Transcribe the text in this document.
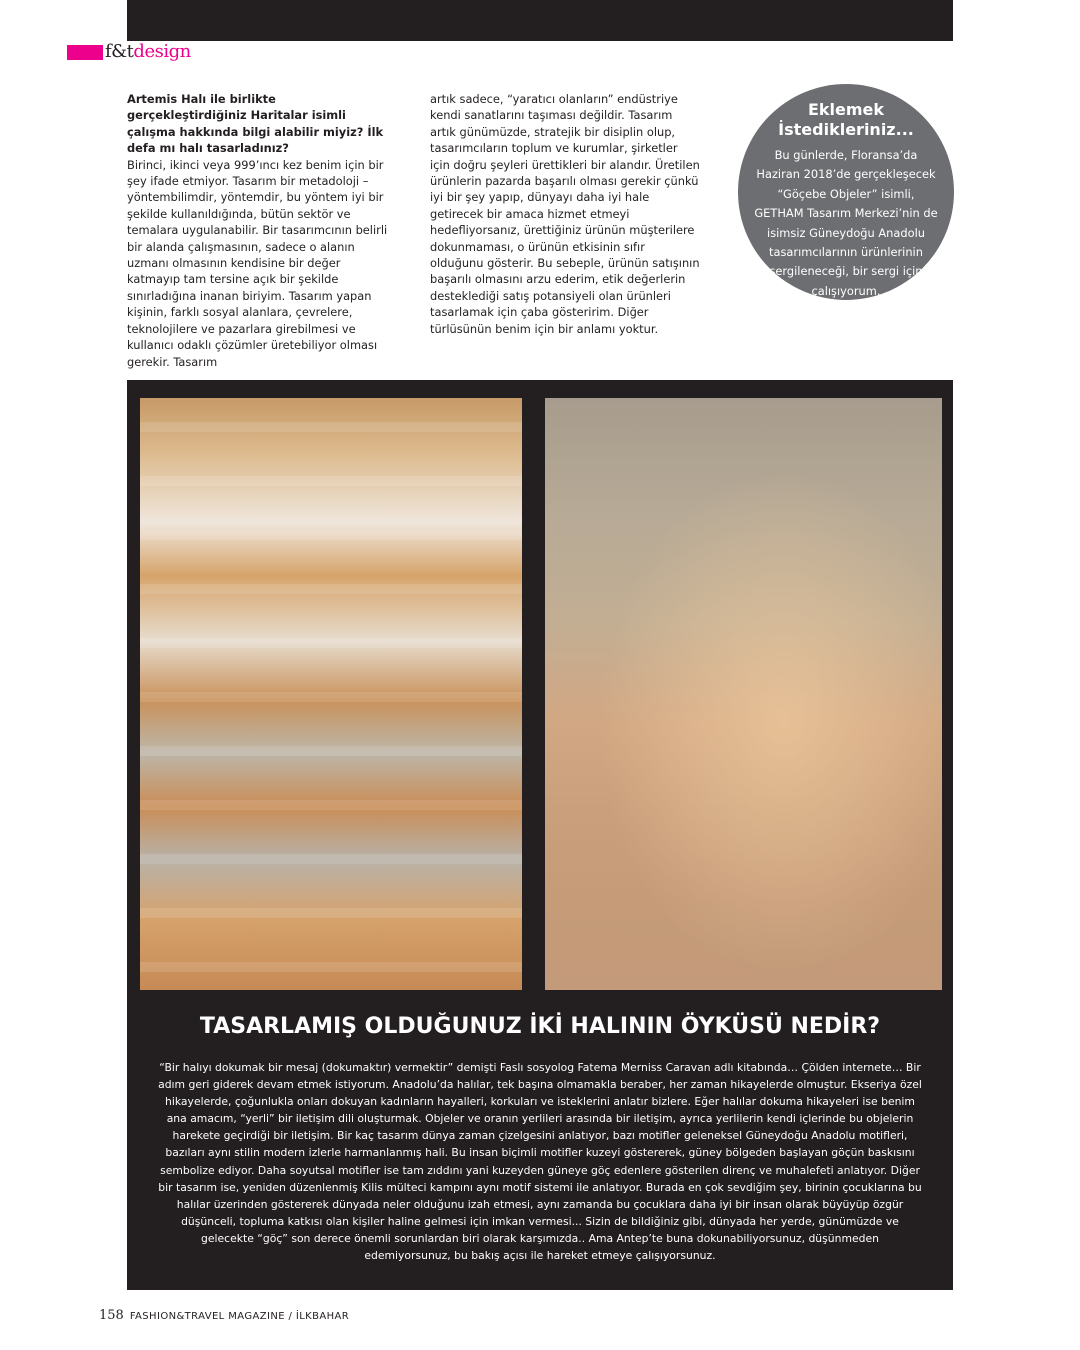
f&tdesign

Artemis Halı ile birlikte gerçekleştirdiğiniz Haritalar isimli çalışma hakkında bilgi alabilir miyiz? İlk defa mı halı tasarladınız?

Birinci, ikinci veya 999’ıncı kez benim için bir şey ifade etmiyor. Tasarım bir metadoloji – yöntembilimdir, yöntemdir, bu yöntem iyi bir şekilde kullanıldığında, bütün sektör ve temalara uygulanabilir. Bir tasarımcının belirli bir alanda çalışmasının, sadece o alanın uzmanı olmasının kendisine bir değer katmayıp tam tersine açık bir şekilde sınırladığına inanan biriyim. Tasarım yapan kişinin, farklı sosyal alanlara, çevrelere, teknolojilere ve pazarlara girebilmesi ve kullanıcı odaklı çözümler üretebiliyor olması gerekir. Tasarım

artık sadece, “yaratıcı olanların” endüstriye kendi sanatlarını taşıması değildir. Tasarım artık günümüzde, stratejik bir disiplin olup, tasarımcıların toplum ve kurumlar, şirketler için doğru şeyleri ürettikleri bir alandır. Üretilen ürünlerin pazarda başarılı olması gerekir çünkü iyi bir şey yapıp, dünyayı daha iyi hale getirecek bir amaca hizmet etmeyi hedefliyorsanız, ürettiğiniz ürünün müşterilere dokunmaması, o ürünün etkisinin sıfır olduğunu gösterir. Bu sebeple, ürünün satışının başarılı olmasını arzu ederim, etik değerlerin desteklediği satış potansiyeli olan ürünleri tasarlamak için çaba gösteririm. Diğer türlüsünün benim için bir anlamı yoktur.

Eklemek
İstedikleriniz...
Bu günlerde, Floransa’da Haziran 2018’de gerçekleşecek “Göçebe Objeler” isimli, GETHAM Tasarım Merkezi’nin de isimsiz Güneydoğu Anadolu tasarımcılarının ürünlerinin sergileneceği, bir sergi için çalışıyorum.
TASARLAMIŞ OLDUĞUNUZ İKİ HALININ ÖYKÜSÜ NEDİR?
“Bir halıyı dokumak bir mesaj (dokumaktır) vermektir” demişti Faslı sosyolog Fatema Merniss Caravan adlı kitabında… Çölden internete… Bir adım geri giderek devam etmek istiyorum. Anadolu’da halılar, tek başına olmamakla beraber, her zaman hikayelerde olmuştur. Ekseriya özel hikayelerde, çoğunlukla onları dokuyan kadınların hayalleri, korkuları ve isteklerini anlatır bizlere. Eğer halılar dokuma hikayeleri ise benim ana amacım, “yerli” bir iletişim dili oluşturmak. Objeler ve oranın yerlileri arasında bir iletişim, ayrıca yerlilerin kendi içlerinde bu objelerin harekete geçirdiği bir iletişim. Bir kaç tasarım dünya zaman çizelgesini anlatıyor, bazı motifler geleneksel Güneydoğu Anadolu motifleri, bazıları aynı stilin modern izlerle harmanlanmış hali. Bu insan biçimli motifler kuzeyi göstererek, güney bölgeden başlayan göçün baskısını sembolize ediyor. Daha soyutsal motifler ise tam zıddını yani kuzeyden güneye göç edenlere gösterilen direnç ve muhalefeti anlatıyor. Diğer bir tasarım ise, yeniden düzenlenmiş Kilis mülteci kampını aynı motif sistemi ile anlatıyor. Burada en çok sevdiğim şey, birinin çocuklarına bu halılar üzerinden göstererek dünyada neler olduğunu izah etmesi, aynı zamanda bu çocuklara daha iyi bir insan olarak büyüyüp özgür düşünceli, topluma katkısı olan kişiler haline gelmesi için imkan vermesi... Sizin de bildiğiniz gibi, dünyada her yerde, günümüzde ve gelecekte “göç” son derece önemli sorunlardan biri olarak karşımızda.. Ama Antep’te buna dokunabiliyorsunuz, düşünmeden edemiyorsunuz, bu bakış açısı ile hareket etmeye çalışıyorsunuz.
158 FASHION&TRAVEL MAGAZINE / İLKBAHAR
